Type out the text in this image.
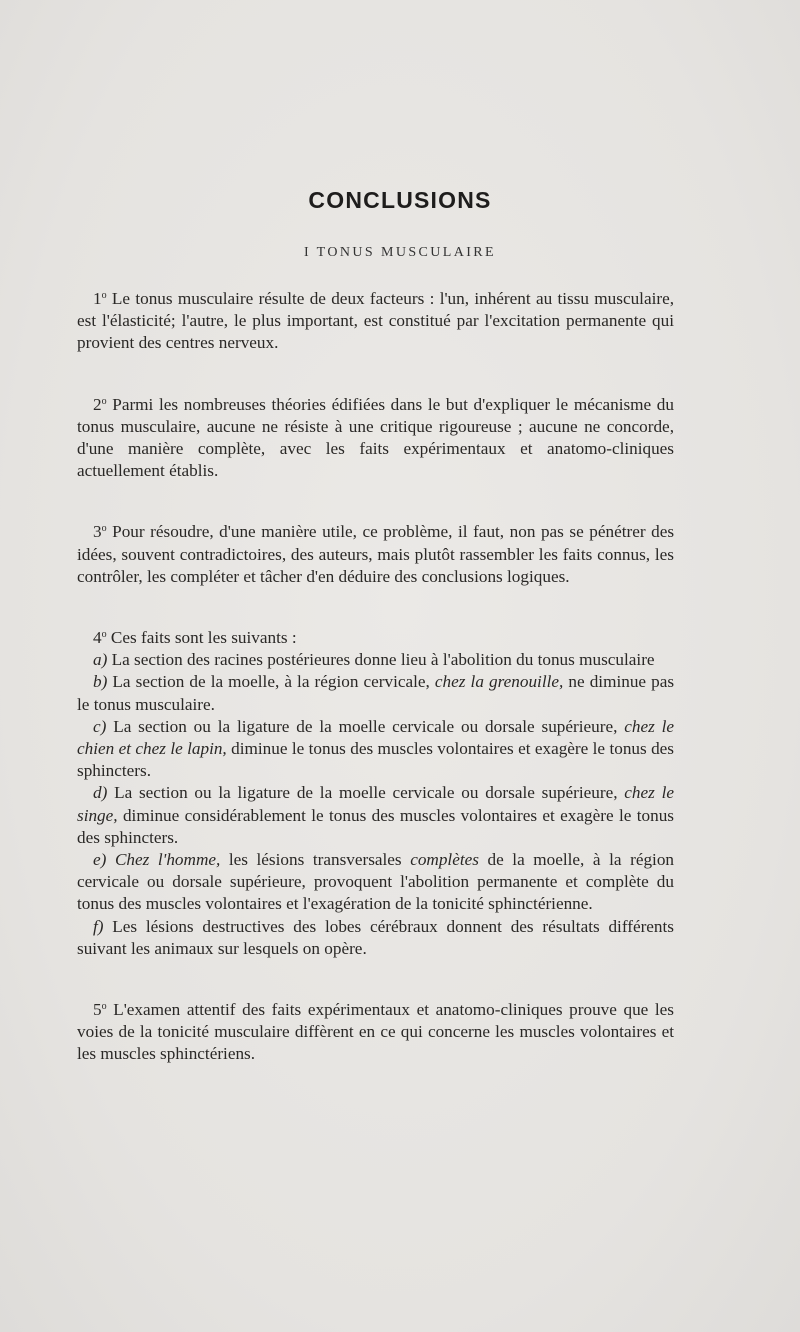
CONCLUSIONS
I TONUS MUSCULAIRE

1$^o$ Le tonus musculaire résulte de deux facteurs : l'un, inhérent au tissu musculaire, est l'élasticité; l'autre, le plus important, est constitué par l'excitation permanente qui provient des centres nerveux.

2$^o$ Parmi les nombreuses théories édifiées dans le but d'expliquer le mécanisme du tonus musculaire, aucune ne résiste à une critique rigoureuse ; aucune ne concorde, d'une manière complète, avec les faits expérimentaux et anatomo-cliniques actuellement établis.

3$^o$ Pour résoudre, d'une manière utile, ce problème, il faut, non pas se pénétrer des idées, souvent contradictoires, des auteurs, mais plutôt rassembler les faits connus, les contrôler, les compléter et tâcher d'en déduire des conclusions logiques.

4$^o$ Ces faits sont les suivants :

a) La section des racines postérieures donne lieu à l'abolition du tonus musculaire

b) La section de la moelle, à la région cervicale, chez la grenouille, ne diminue pas le tonus musculaire.

c) La section ou la ligature de la moelle cervicale ou dorsale supérieure, chez le chien et chez le lapin, diminue le tonus des muscles volontaires et exagère le tonus des sphincters.

d) La section ou la ligature de la moelle cervicale ou dorsale supérieure, chez le singe, diminue considérablement le tonus des muscles volontaires et exagère le tonus des sphincters.

e) Chez l'homme, les lésions transversales complètes de la moelle, à la région cervicale ou dorsale supérieure, provoquent l'abolition permanente et complète du tonus des muscles volontaires et l'exagération de la tonicité sphinctérienne.

f) Les lésions destructives des lobes cérébraux donnent des résultats différents suivant les animaux sur lesquels on opère.

5$^o$ L'examen attentif des faits expérimentaux et anatomo-cliniques prouve que les voies de la tonicité musculaire diffèrent en ce qui concerne les muscles volontaires et les muscles sphinctériens.
